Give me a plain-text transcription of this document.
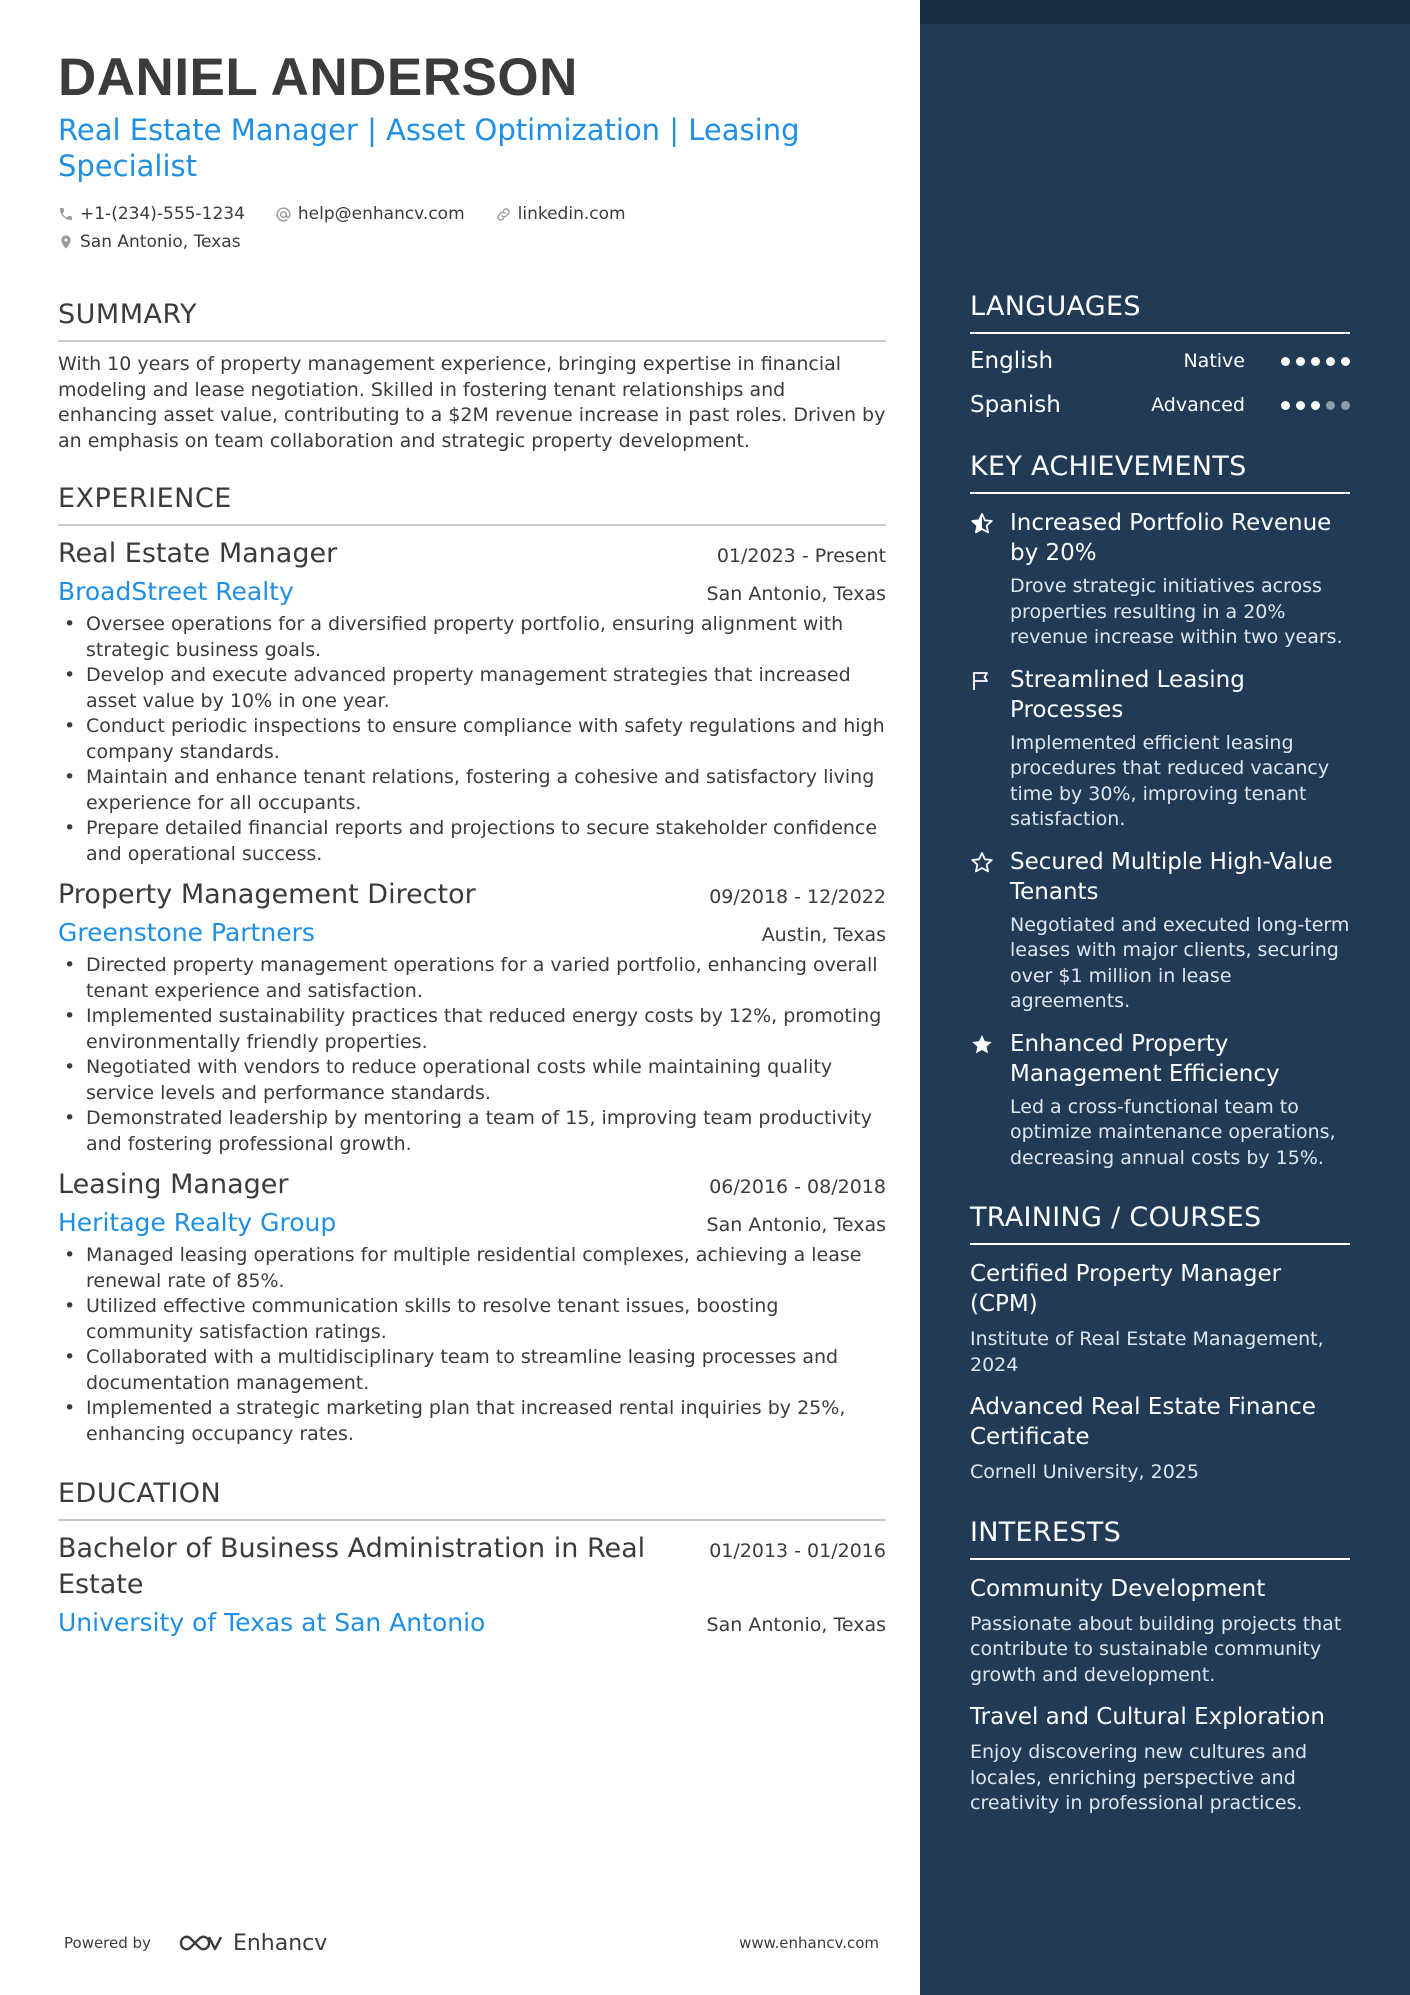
DANIEL ANDERSON
Real Estate Manager | Asset Optimization | Leasing Specialist
+1-(234)-555-1234	help@enhancv.com	linkedin.com
San Antonio, Texas
SUMMARY
With 10 years of property management experience, bringing expertise in financial modeling and lease negotiation. Skilled in fostering tenant relationships and enhancing asset value, contributing to a $2M revenue increase in past roles. Driven by an emphasis on team collaboration and strategic property development.
EXPERIENCE
Real Estate Manager	01/2023 - Present
BroadStreet Realty	San Antonio, Texas
• Oversee operations for a diversified property portfolio, ensuring alignment with strategic business goals.
• Develop and execute advanced property management strategies that increased asset value by 10% in one year.
• Conduct periodic inspections to ensure compliance with safety regulations and high company standards.
• Maintain and enhance tenant relations, fostering a cohesive and satisfactory living experience for all occupants.
• Prepare detailed financial reports and projections to secure stakeholder confidence and operational success.
Property Management Director	09/2018 - 12/2022
Greenstone Partners	Austin, Texas
• Directed property management operations for a varied portfolio, enhancing overall tenant experience and satisfaction.
• Implemented sustainability practices that reduced energy costs by 12%, promoting environmentally friendly properties.
• Negotiated with vendors to reduce operational costs while maintaining quality service levels and performance standards.
• Demonstrated leadership by mentoring a team of 15, improving team productivity and fostering professional growth.
Leasing Manager	06/2016 - 08/2018
Heritage Realty Group	San Antonio, Texas
• Managed leasing operations for multiple residential complexes, achieving a lease renewal rate of 85%.
• Utilized effective communication skills to resolve tenant issues, boosting community satisfaction ratings.
• Collaborated with a multidisciplinary team to streamline leasing processes and documentation management.
• Implemented a strategic marketing plan that increased rental inquiries by 25%, enhancing occupancy rates.
EDUCATION
Bachelor of Business Administration in Real Estate
01/2013 - 01/2016
University of Texas at San Antonio	San Antonio, Texas
Powered by	Enhancv	www.enhancv.com
LANGUAGES
English	Native
Spanish	Advanced
KEY ACHIEVEMENTS
Increased Portfolio Revenue by 20%
Drove strategic initiatives across properties resulting in a 20% revenue increase within two years.
Streamlined Leasing Processes
Implemented efficient leasing procedures that reduced vacancy time by 30%, improving tenant satisfaction.
Secured Multiple High-Value Tenants
Negotiated and executed long-term leases with major clients, securing over $1 million in lease agreements.
Enhanced Property Management Efficiency
Led a cross-functional team to optimize maintenance operations, decreasing annual costs by 15%.
TRAINING / COURSES
Certified Property Manager (CPM)
Institute of Real Estate Management, 2024
Advanced Real Estate Finance Certificate
Cornell University, 2025
INTERESTS
Community Development
Passionate about building projects that contribute to sustainable community growth and development.
Travel and Cultural Exploration
Enjoy discovering new cultures and locales, enriching perspective and creativity in professional practices.
